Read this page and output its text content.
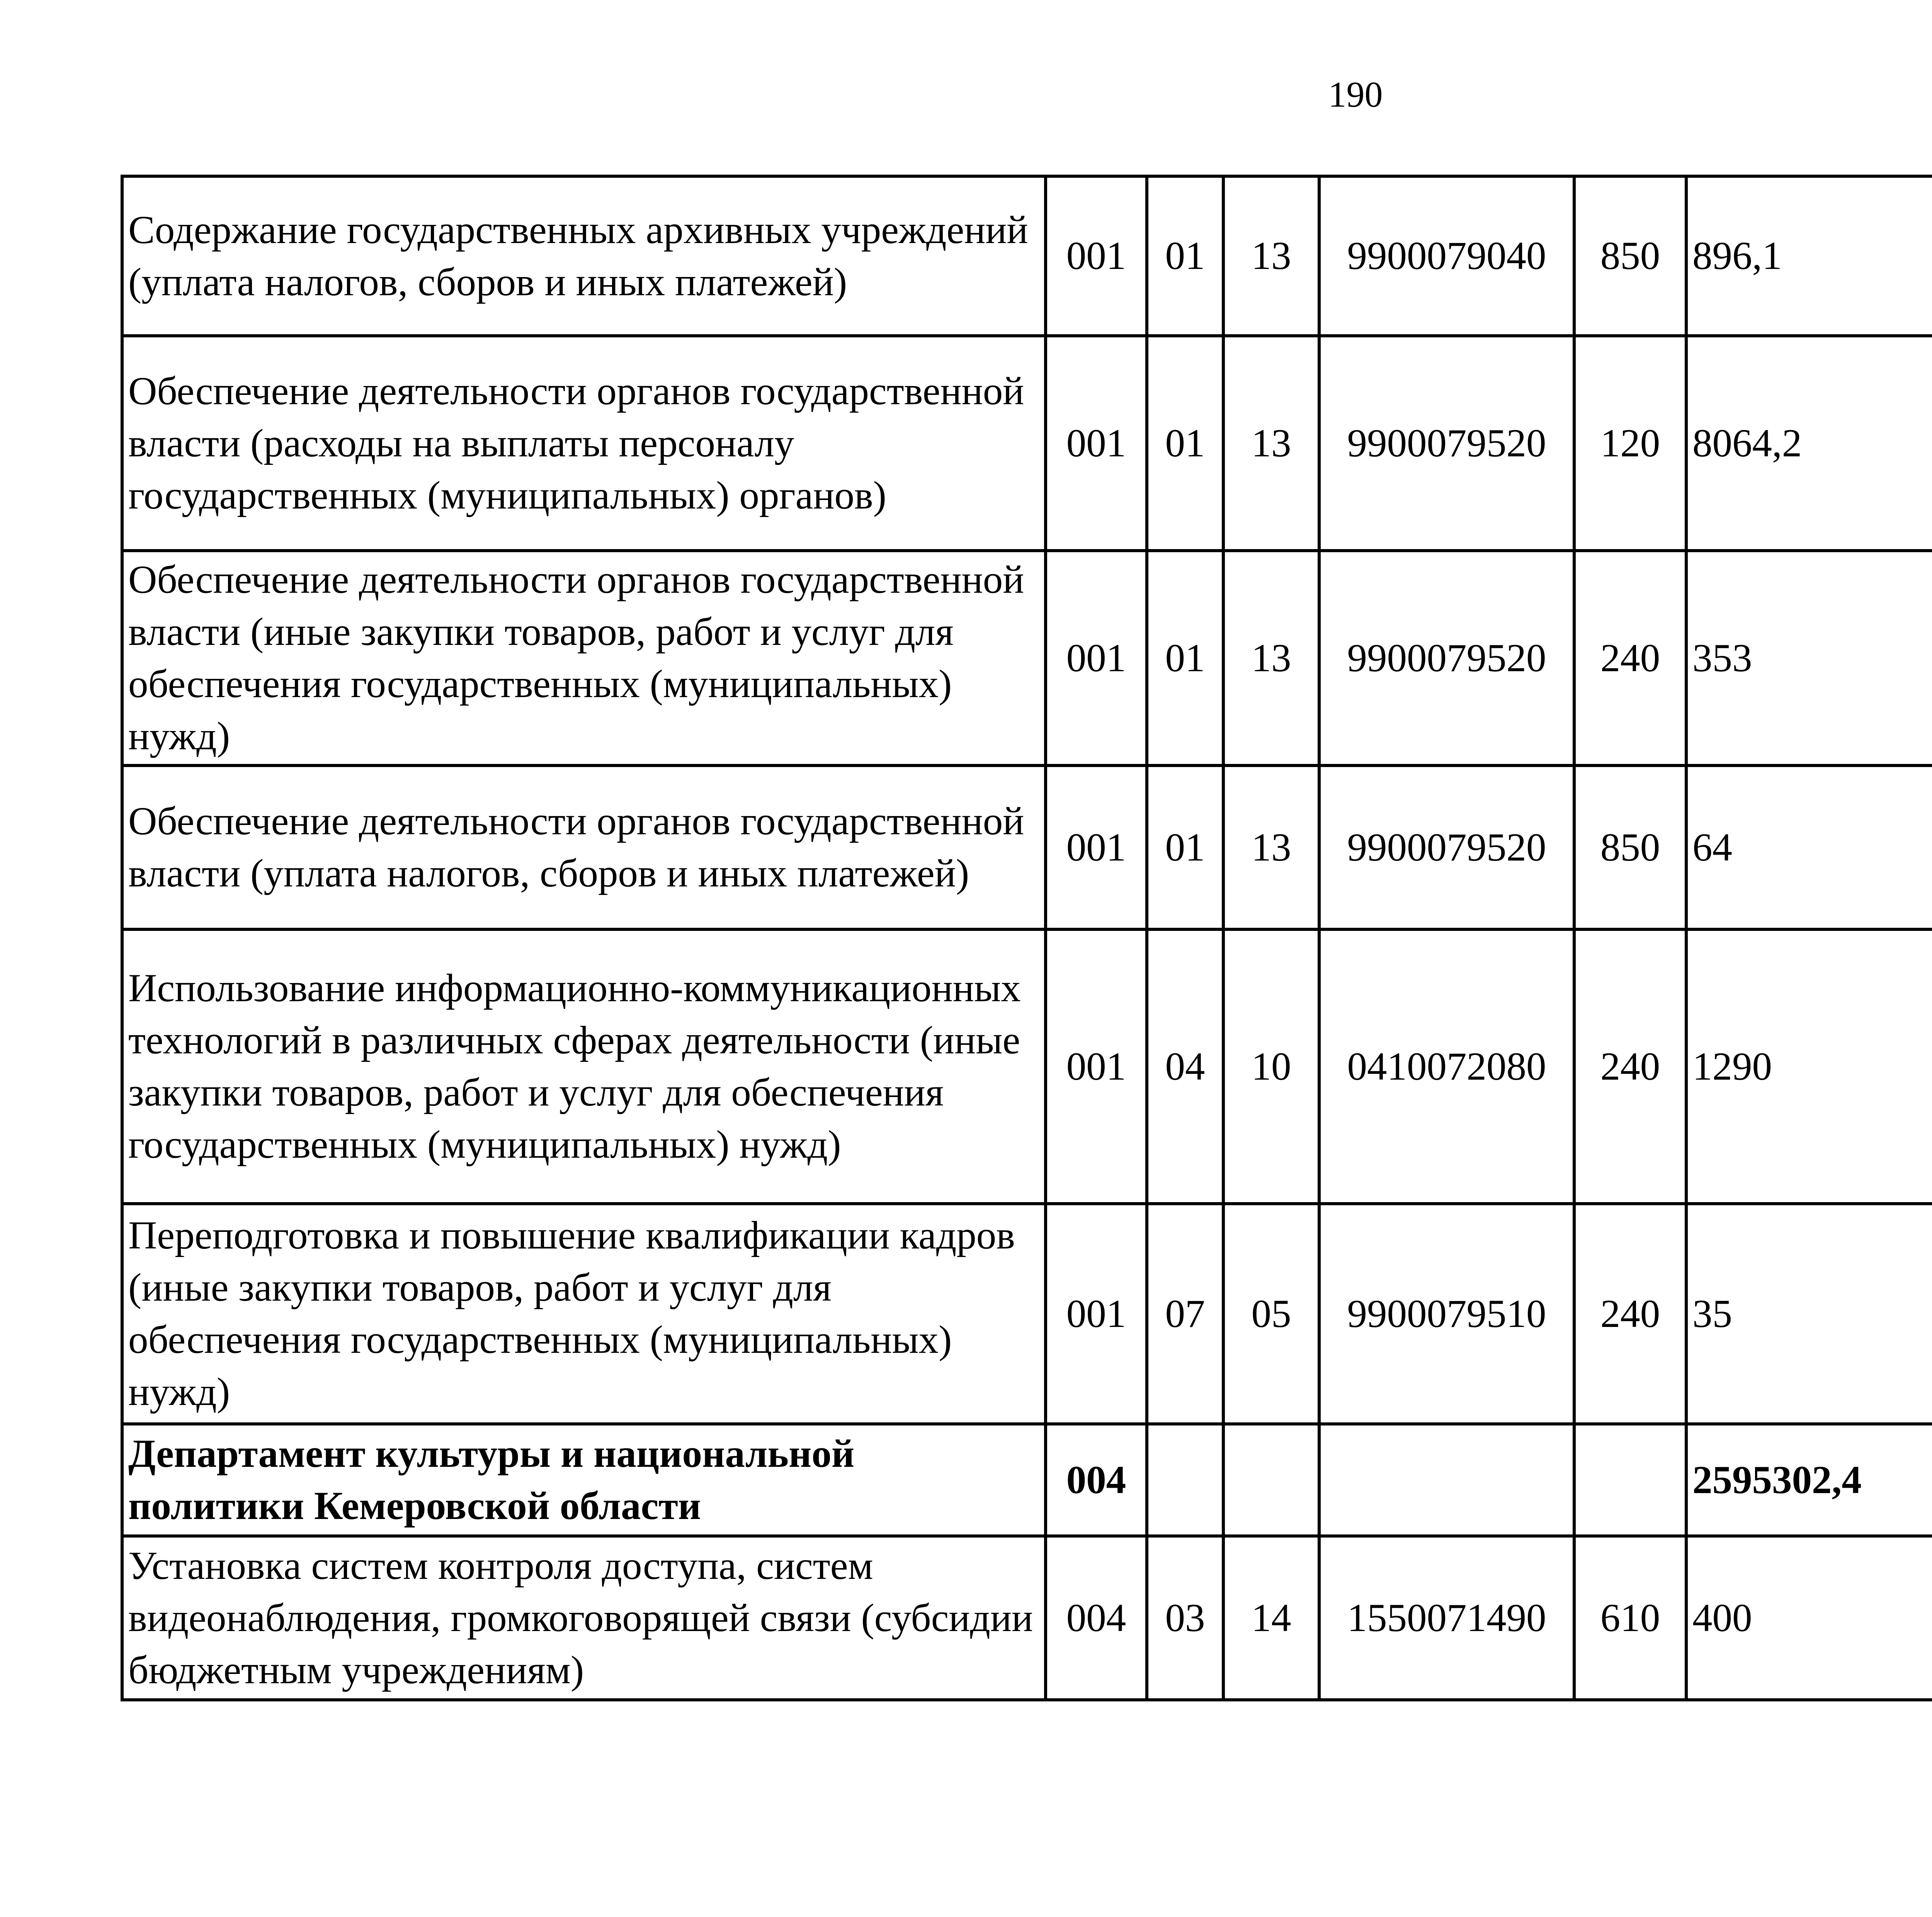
190
Содержание государственных архивных учреждений (уплата налогов, сборов и иных платежей)	001	01	13	9900079040	850	896,1		
Обеспечение деятельности органов государственной власти (расходы на выплаты персоналу государственных (муниципальных) органов)	001	01	13	9900079520	120	8064,2		
Обеспечение деятельности органов государственной власти (иные закупки товаров, работ и услуг для обеспечения государственных (муниципальных) нужд)	001	01	13	9900079520	240	353		
Обеспечение деятельности органов государственной власти (уплата налогов, сборов и иных платежей)	001	01	13	9900079520	850	64		
Использование информационно-коммуникационных технологий в различных сферах деятельности (иные закупки товаров, работ и услуг для обеспечения государственных (муниципальных) нужд)	001	04	10	0410072080	240	1290		
Переподготовка и повышение квалификации кадров (иные закупки товаров, работ и услуг для обеспечения государственных (муниципальных) нужд)	001	07	05	9900079510	240	35		
Департамент культуры и национальной политики Кемеровской области	004					2595302,4		
Установка систем контроля доступа, систем видеонаблюдения, громкоговорящей связи (субсидии бюджетным учреждениям)	004	03	14	1550071490	610	400		
